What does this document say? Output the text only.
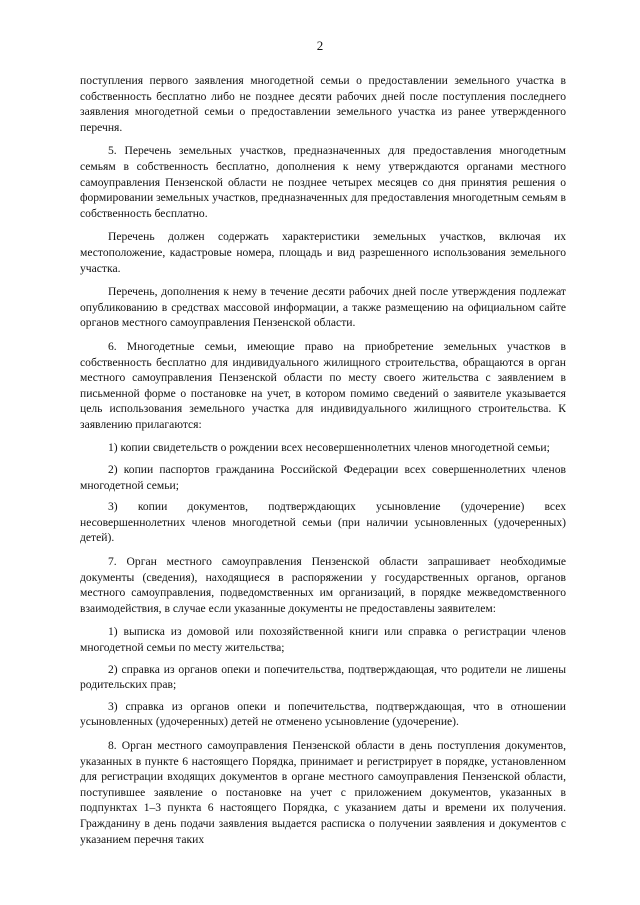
2

поступления первого заявления многодетной семьи о предоставлении земельного участка в собственность бесплатно либо не позднее десяти рабочих дней после поступления последнего заявления многодетной семьи о предоставлении земельного участка из ранее утвержденного перечня.

5. Перечень земельных участков, предназначенных для предоставления многодетным семьям в собственность бесплатно, дополнения к нему утверждаются органами местного самоуправления Пензенской области не позднее четырех месяцев со дня принятия решения о формировании земельных участков, предназначенных для предоставления многодетным семьям в собственность бесплатно.

Перечень должен содержать характеристики земельных участков, включая их местоположение, кадастровые номера, площадь и вид разрешенного использования земельного участка.

Перечень, дополнения к нему в течение десяти рабочих дней после утверждения подлежат опубликованию в средствах массовой информации, а также размещению на официальном сайте органов местного самоуправления Пензенской области.

6. Многодетные семьи, имеющие право на приобретение земельных участков в собственность бесплатно для индивидуального жилищного строительства, обращаются в орган местного самоуправления Пензенской области по месту своего жительства с заявлением в письменной форме о постановке на учет, в котором помимо сведений о заявителе указывается цель использования земельного участка для индивидуального жилищного строительства. К заявлению прилагаются:

1) копии свидетельств о рождении всех несовершеннолетних членов многодетной семьи;

2) копии паспортов гражданина Российской Федерации всех совершеннолетних членов многодетной семьи;

3) копии документов, подтверждающих усыновление (удочерение) всех несовершеннолетних членов многодетной семьи (при наличии усыновленных (удочеренных) детей).

7. Орган местного самоуправления Пензенской области запрашивает необходимые документы (сведения), находящиеся в распоряжении у государственных органов, органов местного самоуправления, подведомственных им организаций, в порядке межведомственного взаимодействия, в случае если указанные документы не предоставлены заявителем:

1) выписка из домовой или похозяйственной книги или справка о регистрации членов многодетной семьи по месту жительства;

2) справка из органов опеки и попечительства, подтверждающая, что родители не лишены родительских прав;

3) справка из органов опеки и попечительства, подтверждающая, что в отношении усыновленных (удочеренных) детей не отменено усыновление (удочерение).

8. Орган местного самоуправления Пензенской области в день поступления документов, указанных в пункте 6 настоящего Порядка, принимает и регистрирует в порядке, установленном для регистрации входящих документов в органе местного самоуправления Пензенской области, поступившее заявление о постановке на учет с приложением документов, указанных в подпунктах 1–3 пункта 6 настоящего Порядка, с указанием даты и времени их получения. Гражданину в день подачи заявления выдается расписка о получении заявления и документов с указанием перечня таких
